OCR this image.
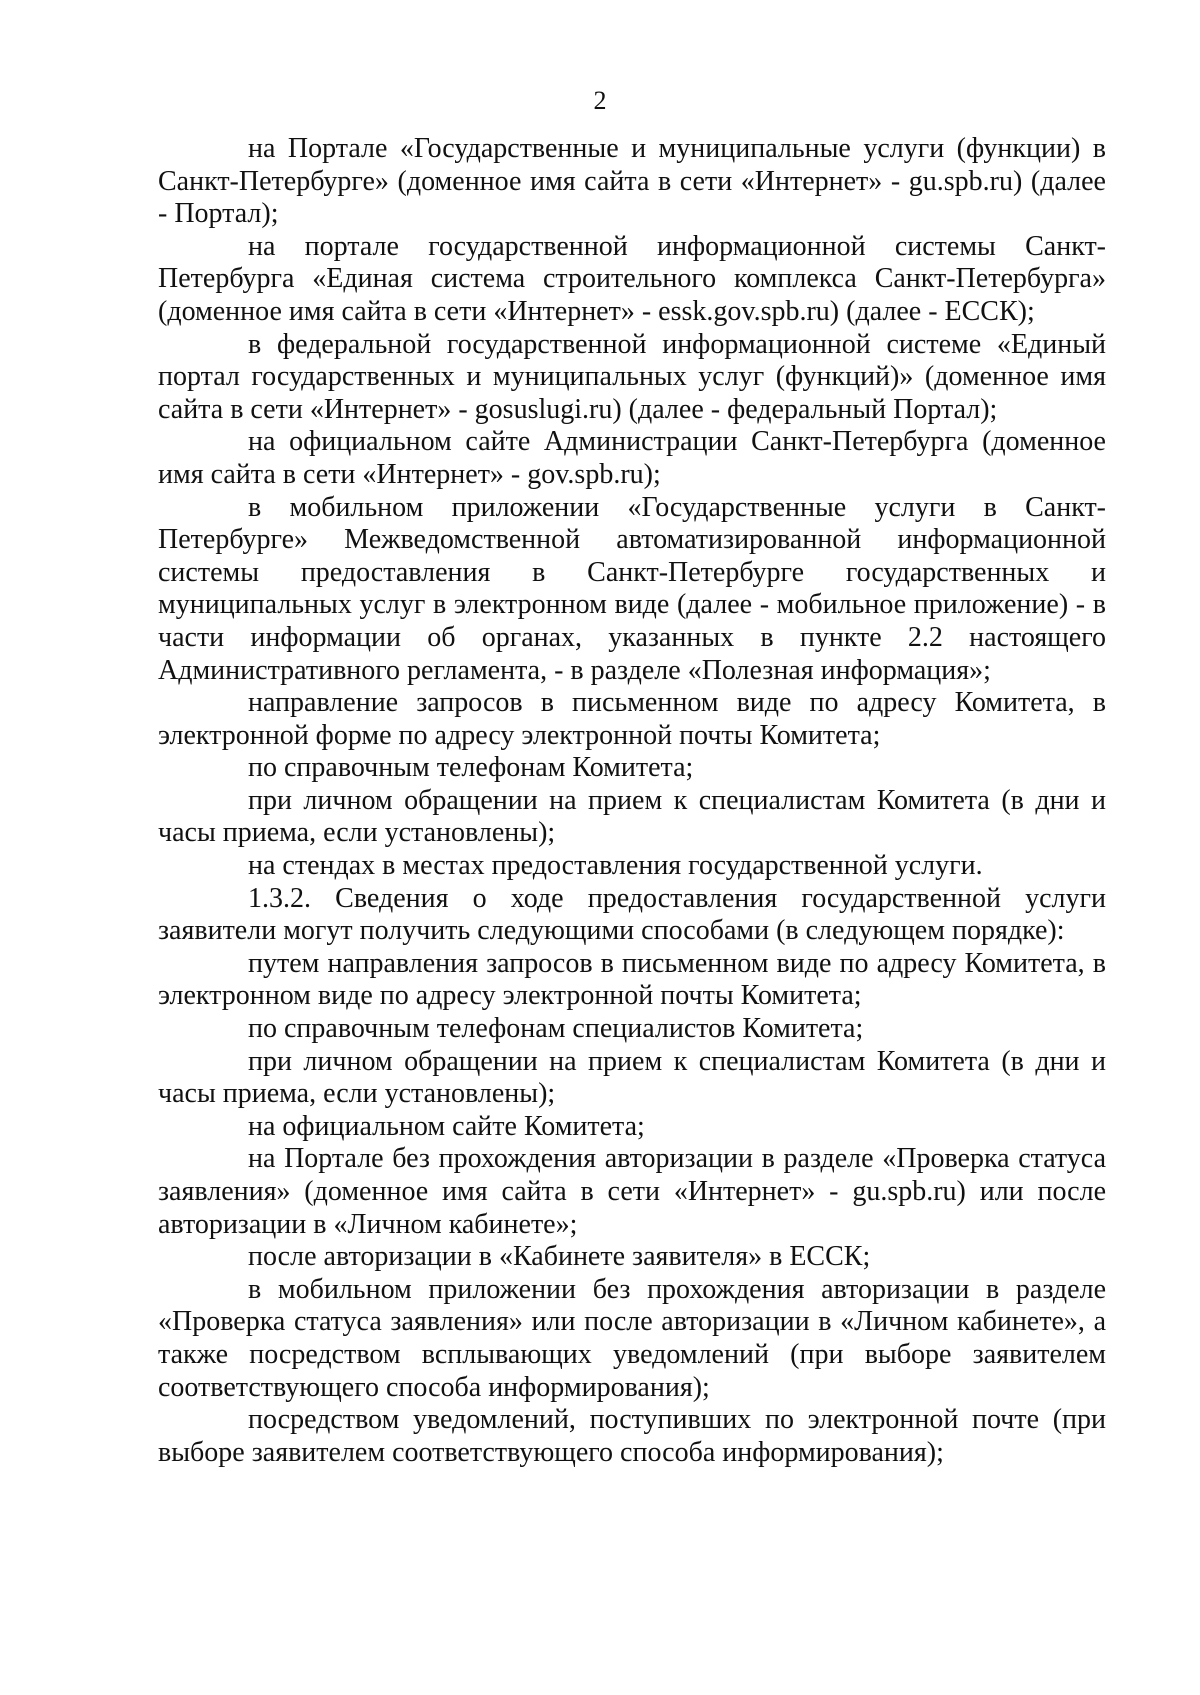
2

на Портале «Государственные и муниципальные услуги (функции) в Санкт-Петербурге» (доменное имя сайта в сети «Интернет» - gu.spb.ru) (далее - Портал);

на портале государственной информационной системы Санкт-Петербурга «Единая система строительного комплекса Санкт-Петербурга» (доменное имя сайта в сети «Интернет» - essk.gov.spb.ru) (далее - ЕССК);

в федеральной государственной информационной системе «Единый портал государственных и муниципальных услуг (функций)» (доменное имя сайта в сети «Интернет» - gosuslugi.ru) (далее - федеральный Портал);

на официальном сайте Администрации Санкт-Петербурга (доменное имя сайта в сети «Интернет» - gov.spb.ru);

в мобильном приложении «Государственные услуги в Санкт-Петербурге» Межведомственной автоматизированной информационной системы предоставления в Санкт-Петербурге государственных и муниципальных услуг в электронном виде (далее - мобильное приложение) - в части информации об органах, указанных в пункте 2.2 настоящего Административного регламента, - в разделе «Полезная информация»;

направление запросов в письменном виде по адресу Комитета, в электронной форме по адресу электронной почты Комитета;

по справочным телефонам Комитета;

при личном обращении на прием к специалистам Комитета (в дни и часы приема, если установлены);

на стендах в местах предоставления государственной услуги.

1.3.2. Сведения о ходе предоставления государственной услуги заявители могут получить следующими способами (в следующем порядке):

путем направления запросов в письменном виде по адресу Комитета, в электронном виде по адресу электронной почты Комитета;

по справочным телефонам специалистов Комитета;

при личном обращении на прием к специалистам Комитета (в дни и часы приема, если установлены);

на официальном сайте Комитета;

на Портале без прохождения авторизации в разделе «Проверка статуса заявления» (доменное имя сайта в сети «Интернет» - gu.spb.ru) или после авторизации в «Личном кабинете»;

после авторизации в «Кабинете заявителя» в ЕССК;

в мобильном приложении без прохождения авторизации в разделе «Проверка статуса заявления» или после авторизации в «Личном кабинете», а также посредством всплывающих уведомлений (при выборе заявителем соответствующего способа информирования);

посредством уведомлений, поступивших по электронной почте (при выборе заявителем соответствующего способа информирования);
